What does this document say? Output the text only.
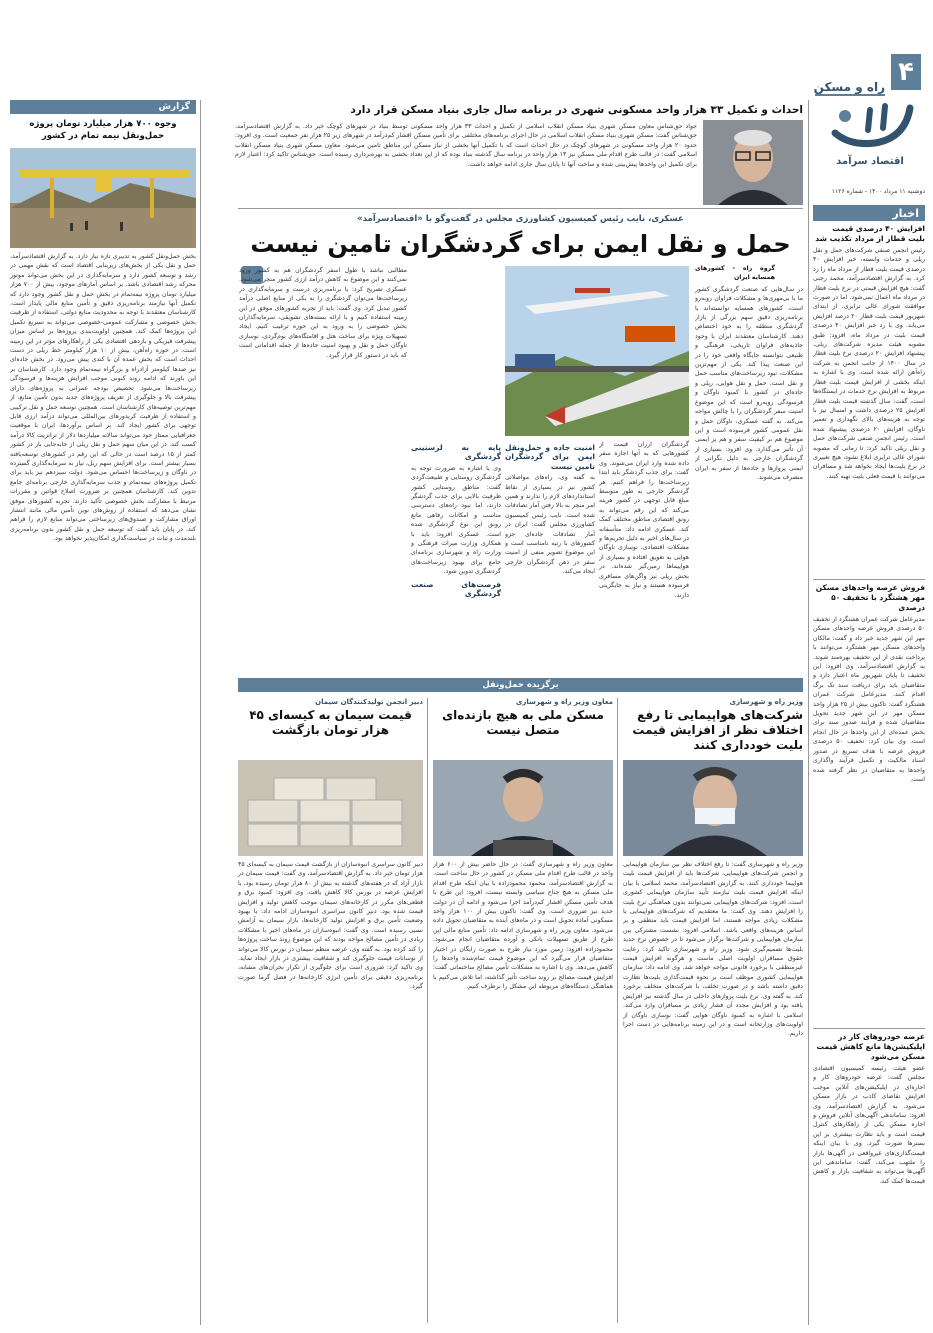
۴
راه و مسکن
اقتصاد سرآمد
دوشنبه ۱۱ مرداد ۱۴۰۰ - شماره ۱۱۲۶
اخبار
افزایش ۴۰ درصدی قیمت بلیت قطار از مرداد تکذیب شد
رئیس انجمن صنفی شرکت‌های حمل و نقل ریلی و خدمات وابسته، خبر افزایش ۴۰ درصدی قیمت بلیت قطار از مرداد ماه را رد کرد. به گزارش اقتصادسرآمد، محمد رجبی گفت: هیچ افزایش قیمتی در نرخ بلیت قطار در مرداد ماه اعمال نمی‌شود. اما در صورت موافقت شورای عالی ترابری، از ابتدای شهریور قیمت بلیت قطار ۲۰ درصد افزایش می‌یابد. وی با رد خبر افزایش ۴۰ درصدی قیمت بلیت در مرداد ماه، افزود: طبق مصوبه هیئت مدیره شرکت‌های ریلی، پیشنهاد افزایش ۲۰ درصدی نرخ بلیت قطار در سال ۱۴۰۰ از جانب انجمن به شرکت راه‌آهن ارائه شده است. وی با اشاره به اینکه بخشی از افزایش قیمت بلیت قطار مربوط به افزایش نرخ خدمات در ایستگاه‌ها است، گفت: سال گذشته قیمت بلیت قطار افزایش ۲۵ درصدی داشت و امسال نیز با توجه به هزینه‌های بالای نگهداری و تعمیر ناوگان، افزایش ۲۰ درصدی پیشنهاد شده است. رئیس انجمن صنفی شرکت‌های حمل و نقل ریلی تاکید کرد: تا زمانی که مصوبه شورای عالی ترابری ابلاغ نشود، هیچ تغییری در نرخ بلیت‌ها ایجاد نخواهد شد و مسافران می‌توانند با قیمت فعلی بلیت تهیه کنند.
فروش عرصه واحدهای مسکن مهر هشتگرد با تخفیف ۵۰ درصدی
مدیرعامل شرکت عمران هشتگرد از تخفیف ۵۰ درصدی فروش عرصه واحدهای مسکن مهر این شهر جدید خبر داد و گفت: مالکان واحدهای مسکن مهر هشتگرد می‌توانند با پرداخت نقدی از این تخفیف بهره‌مند شوند. به گزارش اقتصادسرآمد، وی افزود: این تخفیف تا پایان شهریور ماه اعتبار دارد و متقاضیان باید برای دریافت سند تک برگ اقدام کنند. مدیرعامل شرکت عمران هشتگرد گفت: تاکنون بیش از ۲۵ هزار واحد مسکن مهر در این شهر جدید تحویل متقاضیان شده و فرآیند صدور سند برای بخش عمده‌ای از این واحدها در حال انجام است. وی بیان کرد: تخفیف ۵۰ درصدی فروش عرصه با هدف تسریع در صدور اسناد مالکیت و تکمیل فرآیند واگذاری واحدها به متقاضیان در نظر گرفته شده است.
عرضه خودروهای کار در اپلیکیشن‌ها مانع کاهش قیمت مسکن می‌شود
عضو هیئت رئیسه کمیسیون اقتصادی مجلس گفت: عرضه خودروهای کار و اجاره‌ای در اپلیکیشن‌های آنلاین موجب افزایش تقاضای کاذب در بازار مسکن می‌شود. به گزارش اقتصادسرآمد، وی افزود: ساماندهی آگهی‌های آنلاین فروش و اجاره مسکن یکی از راهکارهای کنترل قیمت است و باید نظارت بیشتری بر این بسترها صورت گیرد. وی با بیان اینکه قیمت‌گذاری‌های غیرواقعی در آگهی‌ها بازار را ملتهب می‌کند، گفت: ساماندهی این آگهی‌ها می‌تواند به شفافیت بازار و کاهش قیمت‌ها کمک کند.
احداث و تکمیل ۳۳ هزار واحد مسکونی شهری در برنامه سال جاری بنیاد مسکن قرار دارد
جواد حق‌شناس معاون مسکن شهری بنیاد مسکن انقلاب اسلامی از تکمیل و احداث ۳۳ هزار واحد مسکونی توسط بنیاد در شهرهای کوچک خبر داد. به گزارش اقتصادسرآمد، حق‌شناس گفت: مسکن شهری بنیاد مسکن انقلاب اسلامی در حال اجرای برنامه‌های مختلفی برای تأمین مسکن اقشار کم‌درآمد در شهرهای زیر ۲۵ هزار نفر جمعیت است. وی افزود: حدود ۲۰ هزار واحد مسکونی در شهرهای کوچک در حال احداث است که با تکمیل آنها بخشی از نیاز مسکن این مناطق تامین می‌شود. معاون مسکن شهری بنیاد مسکن انقلاب اسلامی گفت: در قالب طرح اقدام ملی مسکن نیز ۱۳ هزار واحد در برنامه سال گذشته بنیاد بوده که از این تعداد بخشی به بهره‌برداری رسیده است. حق‌شناس تاکید کرد: اعتبار لازم برای تکمیل این واحدها پیش‌بینی شده و ساخت آنها تا پایان سال جاری ادامه خواهد داشت.
گزارش
وجوه ۷۰۰ هزار میلیارد تومان پروژه حمل‌ونقل نیمه تمام در کشور
بخش حمل‌ونقل کشور به تدبیری تازه نیاز دارد. به گزارش اقتصادسرآمد، حمل و نقل یکی از بخش‌های زیربنایی اقتصاد است که نقش مهمی در رشد و توسعه کشور دارد و سرمایه‌گذاری در این بخش می‌تواند موتور محرکه رشد اقتصادی باشد. بر اساس آمارهای موجود، بیش از ۷۰۰ هزار میلیارد تومان پروژه نیمه‌تمام در بخش حمل و نقل کشور وجود دارد که تکمیل آنها نیازمند برنامه‌ریزی دقیق و تأمین منابع مالی پایدار است. کارشناسان معتقدند با توجه به محدودیت منابع دولتی، استفاده از ظرفیت بخش خصوصی و مشارکت عمومی-خصوصی می‌تواند به تسریع تکمیل این پروژه‌ها کمک کند. همچنین اولویت‌بندی پروژه‌ها بر اساس میزان پیشرفت فیزیکی و بازدهی اقتصادی یکی از راهکارهای مؤثر در این زمینه است. در حوزه راه‌آهن، بیش از ۱۰ هزار کیلومتر خط ریلی در دست احداث است که بخش عمده آن با کندی پیش می‌رود. در بخش جاده‌ای نیز صدها کیلومتر آزادراه و بزرگراه نیمه‌تمام وجود دارد. کارشناسان بر این باورند که ادامه روند کنونی موجب افزایش هزینه‌ها و فرسودگی زیرساخت‌ها می‌شود. تخصیص بودجه عمرانی به پروژه‌های دارای پیشرفت بالا و جلوگیری از تعریف پروژه‌های جدید بدون تأمین منابع، از مهم‌ترین توصیه‌های کارشناسان است. همچنین توسعه حمل و نقل ترکیبی و استفاده از ظرفیت کریدورهای بین‌المللی می‌تواند درآمد ارزی قابل توجهی برای کشور ایجاد کند. بر اساس برآوردها، ایران با موقعیت جغرافیایی ممتاز خود می‌تواند سالانه میلیاردها دلار از ترانزیت کالا درآمد کسب کند. در این میان سهم حمل و نقل ریلی از جابه‌جایی بار در کشور کمتر از ۱۵ درصد است در حالی که این رقم در کشورهای توسعه‌یافته بسیار بیشتر است. برای افزایش سهم ریل، نیاز به سرمایه‌گذاری گسترده در ناوگان و زیرساخت‌ها احساس می‌شود. دولت سیزدهم نیز باید برای تکمیل پروژه‌های نیمه‌تمام و جذب سرمایه‌گذاری خارجی برنامه‌ای جامع تدوین کند. کارشناسان همچنین بر ضرورت اصلاح قوانین و مقررات مرتبط با مشارکت بخش خصوصی تأکید دارند. تجربه کشورهای موفق نشان می‌دهد که استفاده از روش‌های نوین تأمین مالی مانند انتشار اوراق مشارکت و صندوق‌های زیرساختی می‌تواند منابع لازم را فراهم کند. در پایان باید گفت که توسعه حمل و نقل کشور بدون برنامه‌ریزی بلندمدت و ثبات در سیاست‌گذاری امکان‌پذیر نخواهد بود.
عسکری، نایب رئیس کمیسیون کشاورزی مجلس در گفت‌وگو با «اقتصادسرآمد»
حمل و نقل ایمن برای گردشگران تامین نیست
گروه راه - کشورهای همسایه ایران
در سال‌هایی که صنعت گردشگری کشور ما با بی‌مهری‌ها و مشکلات فراوان روبه‌رو است، کشورهای همسایه توانسته‌اند با برنامه‌ریزی دقیق سهم بزرگی از بازار گردشگری منطقه را به خود اختصاص دهند. کارشناسان معتقدند ایران با وجود جاذبه‌های فراوان تاریخی، فرهنگی و طبیعی نتوانسته جایگاه واقعی خود را در این صنعت پیدا کند. یکی از مهم‌ترین مشکلات، نبود زیرساخت‌های مناسب حمل و نقل است. حمل و نقل هوایی، ریلی و جاده‌ای در کشور با کمبود ناوگان و فرسودگی روبه‌رو است که این موضوع امنیت سفر گردشگران را با چالش مواجه می‌کند. به گفته عسکری، ناوگان حمل و نقل عمومی کشور فرسوده است و این موضوع هم بر کیفیت سفر و هم بر ایمنی آن تأثیر می‌گذارد. وی افزود: بسیاری از گردشگران خارجی به دلیل نگرانی از ایمنی پروازها و جاده‌ها از سفر به ایران منصرف می‌شوند.
گردشگران ارزان قیمت از کشورهایی که به آنها اجازه سفر داده شده وارد ایران می‌شوند. وی گفت: برای جذب گردشگر باید ابتدا زیرساخت‌ها را فراهم کنیم. هر گردشگر خارجی به طور متوسط مبلغ قابل توجهی در کشور هزینه می‌کند که این رقم می‌تواند به رونق اقتصادی مناطق مختلف کمک کند. عسکری ادامه داد: متأسفانه در سال‌های اخیر به دلیل تحریم‌ها و مشکلات اقتصادی، نوسازی ناوگان هوایی به تعویق افتاده و بسیاری از هواپیماها زمین‌گیر شده‌اند. در بخش ریلی نیز واگن‌های مسافری فرسوده هستند و نیاز به جایگزینی دارند.
امنیت جاده و حمل‌ونقل ایمن برای گردشگران تامین نیست
به گفته وی، راه‌های مواصلاتی کشور نیز در بسیاری از نقاط استانداردهای لازم را ندارند و همین امر منجر به بالا رفتن آمار تصادفات شده است. نایب رئیس کمیسیون کشاورزی مجلس گفت: ایران در آمار تصادفات جاده‌ای جزو کشورهای با رتبه نامناسب است و این موضوع تصویر منفی از امنیت سفر در ذهن گردشگران خارجی ایجاد می‌کند.
پایه به لزستینی گردشگری
وی با اشاره به ضرورت توجه به گردشگری روستایی و طبیعت‌گردی گفت: مناطق روستایی کشور ظرفیت بالایی برای جذب گردشگر دارند، اما نبود راه‌های دسترسی مناسب و امکانات رفاهی مانع رونق این نوع گردشگری شده است. عسکری افزود: باید با همکاری وزارت میراث فرهنگی و وزارت راه و شهرسازی برنامه‌ای جامع برای بهبود زیرساخت‌های گردشگری تدوین شود.
فرصت‌های صنعت گردشگری
مطالبی نباشد با طول اسفر گردشگران هم به کشور ورود نمی‌کنند و این موضوع به کاهش درآمد ارزی کشور منجر می‌شود. عسکری تصریح کرد: با برنامه‌ریزی درست و سرمایه‌گذاری در زیرساخت‌ها می‌توان گردشگری را به یکی از منابع اصلی درآمد کشور تبدیل کرد. وی گفت: باید از تجربه کشورهای موفق در این زمینه استفاده کنیم و با ارائه بسته‌های تشویقی، سرمایه‌گذاران بخش خصوصی را به ورود به این حوزه ترغیب کنیم. ایجاد تسهیلات ویژه برای ساخت هتل و اقامتگاه‌های بوم‌گردی، نوسازی ناوگان حمل و نقل و بهبود امنیت جاده‌ها از جمله اقداماتی است که باید در دستور کار قرار گیرد.
برگزیده حمل‌ونقل
وزیر راه و شهرسازی
شرکت‌های هواپیمایی تا رفع اختلاف نظر از افزایش قیمت بلیت خودداری کنند
وزیر راه و شهرسازی گفت: تا رفع اختلاف نظر بین سازمان هواپیمایی و انجمن شرکت‌های هواپیمایی، شرکت‌ها باید از افزایش قیمت بلیت هواپیما خودداری کنند. به گزارش اقتصادسرآمد، محمد اسلامی با بیان اینکه افزایش قیمت بلیت نیازمند تأیید سازمان هواپیمایی کشوری است، افزود: شرکت‌های هواپیمایی نمی‌توانند بدون هماهنگی نرخ بلیت را افزایش دهند. وی گفت: ما معتقدیم که شرکت‌های هواپیمایی با مشکلات زیادی مواجه هستند، اما افزایش قیمت باید منطقی و بر اساس هزینه‌های واقعی باشد. اسلامی افزود: نشست مشترکی بین سازمان هواپیمایی و شرکت‌ها برگزار می‌شود تا در خصوص نرخ جدید بلیت‌ها تصمیم‌گیری شود. وزیر راه و شهرسازی تاکید کرد: رعایت حقوق مسافران اولویت اصلی ماست و هرگونه افزایش قیمت غیرمنطقی با برخورد قانونی مواجه خواهد شد. وی ادامه داد: سازمان هواپیمایی کشوری موظف است بر نحوه قیمت‌گذاری بلیت‌ها نظارت دقیق داشته باشد و در صورت تخلف، با شرکت‌های متخلف برخورد کند. به گفته وی، نرخ بلیت پروازهای داخلی در سال گذشته نیز افزایش یافته بود و افزایش مجدد آن فشار زیادی بر مسافران وارد می‌کند. اسلامی با اشاره به کمبود ناوگان هوایی گفت: نوسازی ناوگان از اولویت‌های وزارتخانه است و در این زمینه برنامه‌هایی در دست اجرا داریم.
معاون وزیر راه و شهرسازی
مسکن ملی به هیچ بازنده‌ای متصل نیست
معاون وزیر راه و شهرسازی گفت: در حال حاضر بیش از ۶۰۰ هزار واحد در قالب طرح اقدام ملی مسکن در کشور در حال ساخت است. به گزارش اقتصادسرآمد، محمود محمودزاده با بیان اینکه طرح اقدام ملی مسکن به هیچ جناح سیاسی وابسته نیست، افزود: این طرح با هدف تأمین مسکن اقشار کم‌درآمد اجرا می‌شود و ادامه آن در دولت جدید نیز ضروری است. وی گفت: تاکنون بیش از ۱۰۰ هزار واحد مسکونی آماده تحویل است و در ماه‌های آینده به متقاضیان تحویل داده می‌شود. معاون وزیر راه و شهرسازی ادامه داد: تأمین منابع مالی این طرح از طریق تسهیلات بانکی و آورده متقاضیان انجام می‌شود. محمودزاده افزود: زمین مورد نیاز طرح به صورت رایگان در اختیار متقاضیان قرار می‌گیرد که این موضوع قیمت تمام‌شده واحدها را کاهش می‌دهد. وی با اشاره به مشکلات تأمین مصالح ساختمانی گفت: افزایش قیمت مصالح بر روند ساخت تأثیر گذاشته، اما تلاش می‌کنیم با هماهنگی دستگاه‌های مربوطه این مشکل را برطرف کنیم.
دبیر انجمن تولیدکنندگان سیمان
قیمت سیمان به کیسه‌ای ۴۵ هزار تومان بازگشت
دبیر کانون سراسری انبوه‌سازان از بازگشت قیمت سیمان به کیسه‌ای ۴۵ هزار تومان خبر داد. به گزارش اقتصادسرآمد، وی گفت: قیمت سیمان در بازار آزاد که در هفته‌های گذشته به بیش از ۸۰ هزار تومان رسیده بود، با افزایش عرضه در بورس کالا کاهش یافت. وی افزود: کمبود برق و قطعی‌های مکرر در کارخانه‌های سیمان موجب کاهش تولید و افزایش قیمت شده بود. دبیر کانون سراسری انبوه‌سازان ادامه داد: با بهبود وضعیت تأمین برق و افزایش تولید کارخانه‌ها، بازار سیمان به آرامش نسبی رسیده است. وی گفت: انبوه‌سازان در ماه‌های اخیر با مشکلات زیادی در تأمین مصالح مواجه بودند که این موضوع روند ساخت پروژه‌ها را کند کرده بود. به گفته وی، عرضه منظم سیمان در بورس کالا می‌تواند از نوسانات قیمت جلوگیری کند و شفافیت بیشتری در بازار ایجاد نماید. وی تاکید کرد: ضروری است برای جلوگیری از تکرار بحران‌های مشابه، برنامه‌ریزی دقیقی برای تأمین انرژی کارخانه‌ها در فصل گرما صورت گیرد.
